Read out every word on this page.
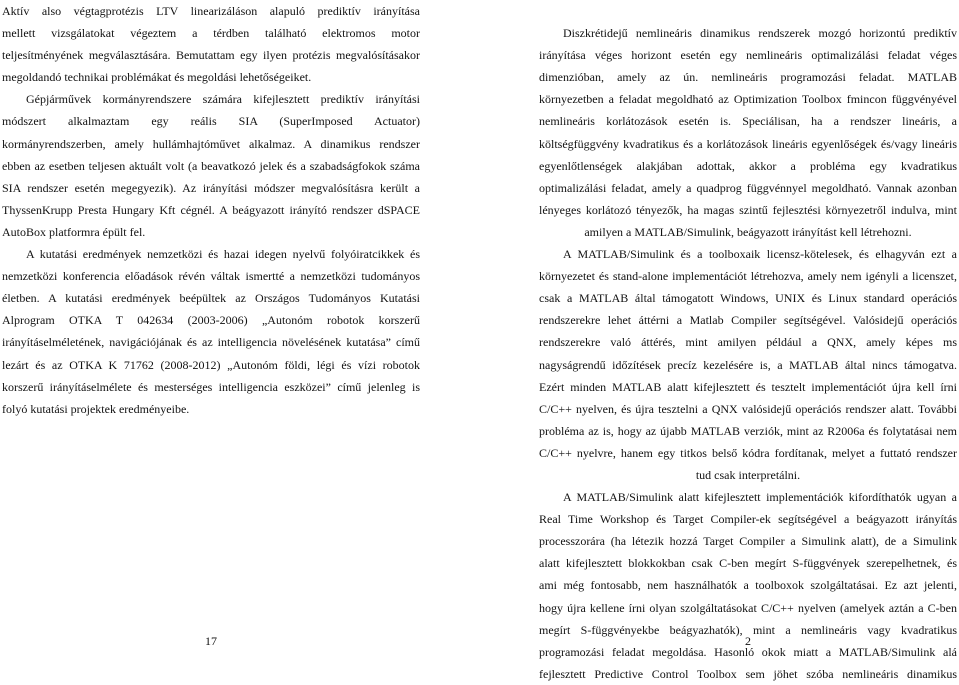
Aktív also végtagprotézis LTV linearizáláson alapuló prediktív irányítása

mellett vizsgálatokat végeztem a térdben található elektromos motor

teljesítményének megválasztására. Bemutattam egy ilyen protézis megvalósításakor

megoldandó technikai problémákat és megoldási lehetőségeiket.

Gépjárművek kormányrendszere számára kifejlesztett prediktív irányítási

módszert alkalmaztam egy reális SIA (SuperImposed Actuator)

kormányrendszerben, amely hullámhajtóművet alkalmaz. A dinamikus rendszer

ebben az esetben teljesen aktuált volt (a beavatkozó jelek és a szabadságfokok száma

SIA rendszer esetén megegyezik). Az irányítási módszer megvalósításra került a

ThyssenKrupp Presta Hungary Kft cégnél. A beágyazott irányító rendszer dSPACE

AutoBox platformra épült fel.

A kutatási eredmények nemzetközi és hazai idegen nyelvű folyóiratcikkek és

nemzetközi konferencia előadások révén váltak ismertté a nemzetközi tudományos

életben. A kutatási eredmények beépültek az Országos Tudományos Kutatási

Alprogram OTKA T 042634 (2003-2006) „Autonóm robotok korszerű

irányításelméletének, navigációjának és az intelligencia növelésének kutatása” című

lezárt és az OTKA K 71762 (2008-2012) „Autonóm földi, légi és vízi robotok

korszerű irányításelmélete és mesterséges intelligencia eszközei” című jelenleg is

folyó kutatási projektek eredményeibe.

Diszkrétidejű nemlineáris dinamikus rendszerek mozgó horizontú prediktív

irányítása véges horizont esetén egy nemlineáris optimalizálási feladat véges

dimenzióban, amely az ún. nemlineáris programozási feladat. MATLAB

környezetben a feladat megoldható az Optimization Toolbox fmincon függvényével

nemlineáris korlátozások esetén is. Speciálisan, ha a rendszer lineáris, a

költségfüggvény kvadratikus és a korlátozások lineáris egyenlőségek és/vagy lineáris

egyenlőtlenségek alakjában adottak, akkor a probléma egy kvadratikus

optimalizálási feladat, amely a quadprog függvénnyel megoldható. Vannak azonban

lényeges korlátozó tényezők, ha magas szintű fejlesztési környezetről indulva, mint

amilyen a MATLAB/Simulink, beágyazott irányítást kell létrehozni.

A MATLAB/Simulink és a toolboxaik licensz-kötelesek, és elhagyván ezt a

környezetet és stand-alone implementációt létrehozva, amely nem igényli a licenszet,

csak a MATLAB által támogatott Windows, UNIX és Linux standard operációs

rendszerekre lehet áttérni a Matlab Compiler segítségével. Valósidejű operációs

rendszerekre való áttérés, mint amilyen például a QNX, amely képes ms

nagyságrendű időzítések precíz kezelésére is, a MATLAB által nincs támogatva.

Ezért minden MATLAB alatt kifejlesztett és tesztelt implementációt újra kell írni

C/C++ nyelven, és újra tesztelni a QNX valósidejű operációs rendszer alatt. További

probléma az is, hogy az újabb MATLAB verziók, mint az R2006a és folytatásai nem

C/C++ nyelvre, hanem egy titkos belső kódra fordítanak, melyet a futtató rendszer

tud csak interpretálni.

A MATLAB/Simulink alatt kifejlesztett implementációk kifordíthatók ugyan a

Real Time Workshop és Target Compiler-ek segítségével a beágyazott irányítás

processzorára (ha létezik hozzá Target Compiler a Simulink alatt), de a Simulink

alatt kifejlesztett blokkokban csak C-ben megírt S-függvények szerepelhetnek, és

ami még fontosabb, nem használhatók a toolboxok szolgáltatásai. Ez azt jelenti,

hogy újra kellene írni olyan szolgáltatásokat C/C++ nyelven (amelyek aztán a C-ben

megírt S-függvényekbe beágyazhatók), mint a nemlineáris vagy kvadratikus

programozási feladat megoldása. Hasonló okok miatt a MATLAB/Simulink alá

fejlesztett Predictive Control Toolbox sem jöhet szóba nemlineáris dinamikus

17	2
